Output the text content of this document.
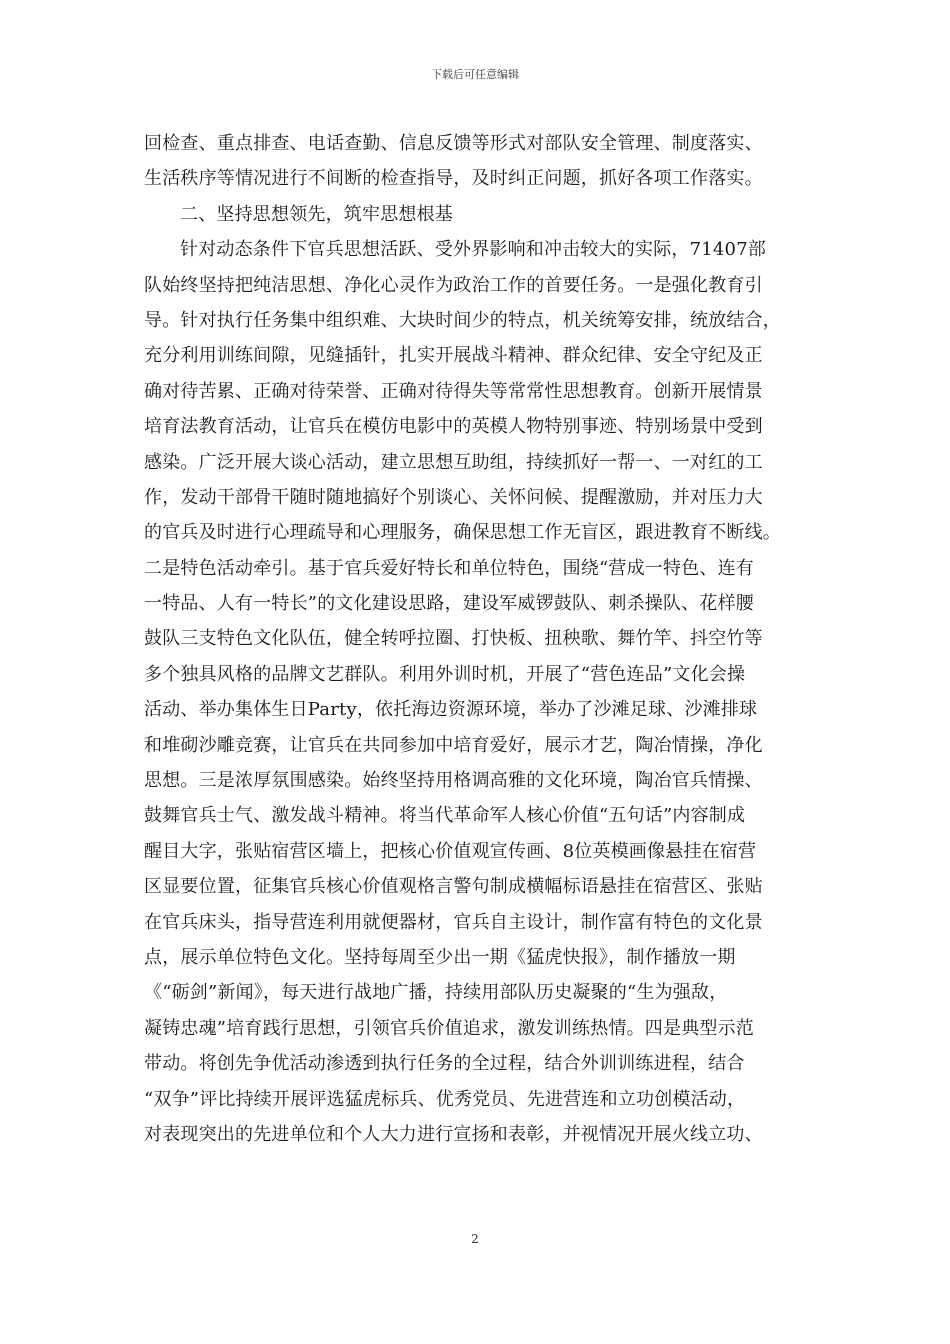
下载后可任意编辑
回检查、重点排查、电话查勤、信息反馈等形式对部队安全管理、制度落实、
生活秩序等情况进行不间断的检查指导，及时纠正问题，抓好各项工作落实。
二、坚持思想领先，筑牢思想根基
针对动态条件下官兵思想活跃、受外界影响和冲击较大的实际，71407部
队始终坚持把纯洁思想、净化心灵作为政治工作的首要任务。一是强化教育引
导。针对执行任务集中组织难、大块时间少的特点，机关统筹安排，统放结合，
充分利用训练间隙，见缝插针，扎实开展战斗精神、群众纪律、安全守纪及正
确对待苦累、正确对待荣誉、正确对待得失等常常性思想教育。创新开展情景
培育法教育活动，让官兵在模仿电影中的英模人物特别事迹、特别场景中受到
感染。广泛开展大谈心活动，建立思想互助组，持续抓好一帮一、一对红的工
作，发动干部骨干随时随地搞好个别谈心、关怀问候、提醒激励，并对压力大
的官兵及时进行心理疏导和心理服务，确保思想工作无盲区，跟进教育不断线。
二是特色活动牵引。基于官兵爱好特长和单位特色，围绕“营成一特色、连有
一特品、人有一特长”的文化建设思路，建设军威锣鼓队、刺杀操队、花样腰
鼓队三支特色文化队伍，健全转呼拉圈、打快板、扭秧歌、舞竹竿、抖空竹等
多个独具风格的品牌文艺群队。利用外训时机，开展了“营色连品”文化会操
活动、举办集体生日Party，依托海边资源环境，举办了沙滩足球、沙滩排球
和堆砌沙雕竞赛，让官兵在共同参加中培育爱好，展示才艺，陶冶情操，净化
思想。三是浓厚氛围感染。始终坚持用格调高雅的文化环境，陶冶官兵情操、
鼓舞官兵士气、激发战斗精神。将当代革命军人核心价值“五句话”内容制成
醒目大字，张贴宿营区墙上，把核心价值观宣传画、8位英模画像悬挂在宿营
区显要位置，征集官兵核心价值观格言警句制成横幅标语悬挂在宿营区、张贴
在官兵床头，指导营连利用就便器材，官兵自主设计，制作富有特色的文化景
点，展示单位特色文化。坚持每周至少出一期《猛虎快报》，制作播放一期
《“砺剑”新闻》，每天进行战地广播，持续用部队历史凝聚的“生为强敌，
凝铸忠魂”培育践行思想，引领官兵价值追求，激发训练热情。四是典型示范
带动。将创先争优活动渗透到执行任务的全过程，结合外训训练进程，结合
“双争”评比持续开展评选猛虎标兵、优秀党员、先进营连和立功创模活动，
对表现突出的先进单位和个人大力进行宣扬和表彰，并视情况开展火线立功、
2
